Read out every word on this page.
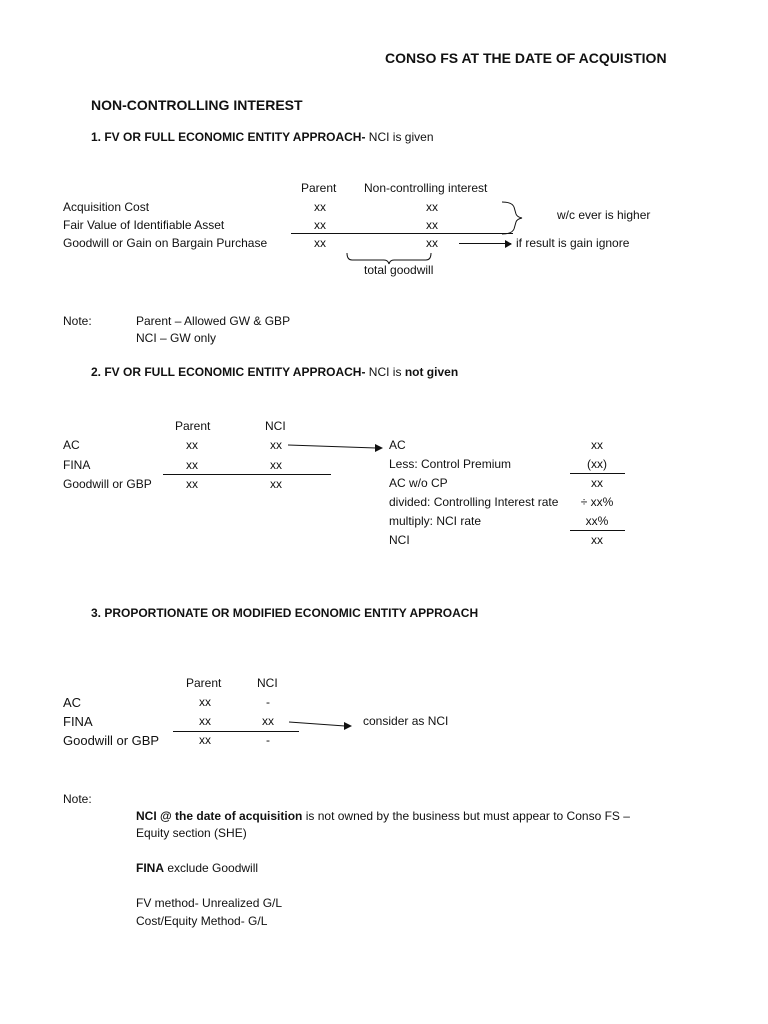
CONSO FS AT THE DATE OF ACQUISTION
NON-CONTROLLING INTEREST
1. FV OR FULL ECONOMIC ENTITY APPROACH- NCI is given
Parent Non-controlling interest
Acquisition Cost	xx	xx
Fair Value of Identifiable Asset	xx	xx
Goodwill or Gain on Bargain Purchase	xx	xx
w/c ever is higher
if result is gain ignore
total goodwill
Note:	Parent – Allowed GW & GBP
NCI – GW only
2. FV OR FULL ECONOMIC ENTITY APPROACH- NCI is not given
Parent	NCI
AC	xx	xx
FINA	xx	xx
Goodwill or GBP	xx	xx
AC	xx
Less: Control Premium	(xx)
AC w/o CP	xx
divided: Controlling Interest rate	÷ xx%
multiply: NCI rate	xx%
NCI	xx
3. PROPORTIONATE OR MODIFIED ECONOMIC ENTITY APPROACH
Parent	NCI
AC	xx	-
FINA	xx	xx
Goodwill or GBP	xx	-
consider as NCI
Note:
NCI @ the date of acquisition is not owned by the business but must appear to Conso FS –
Equity section (SHE)
FINA exclude Goodwill
FV method- Unrealized G/L
Cost/Equity Method- G/L
